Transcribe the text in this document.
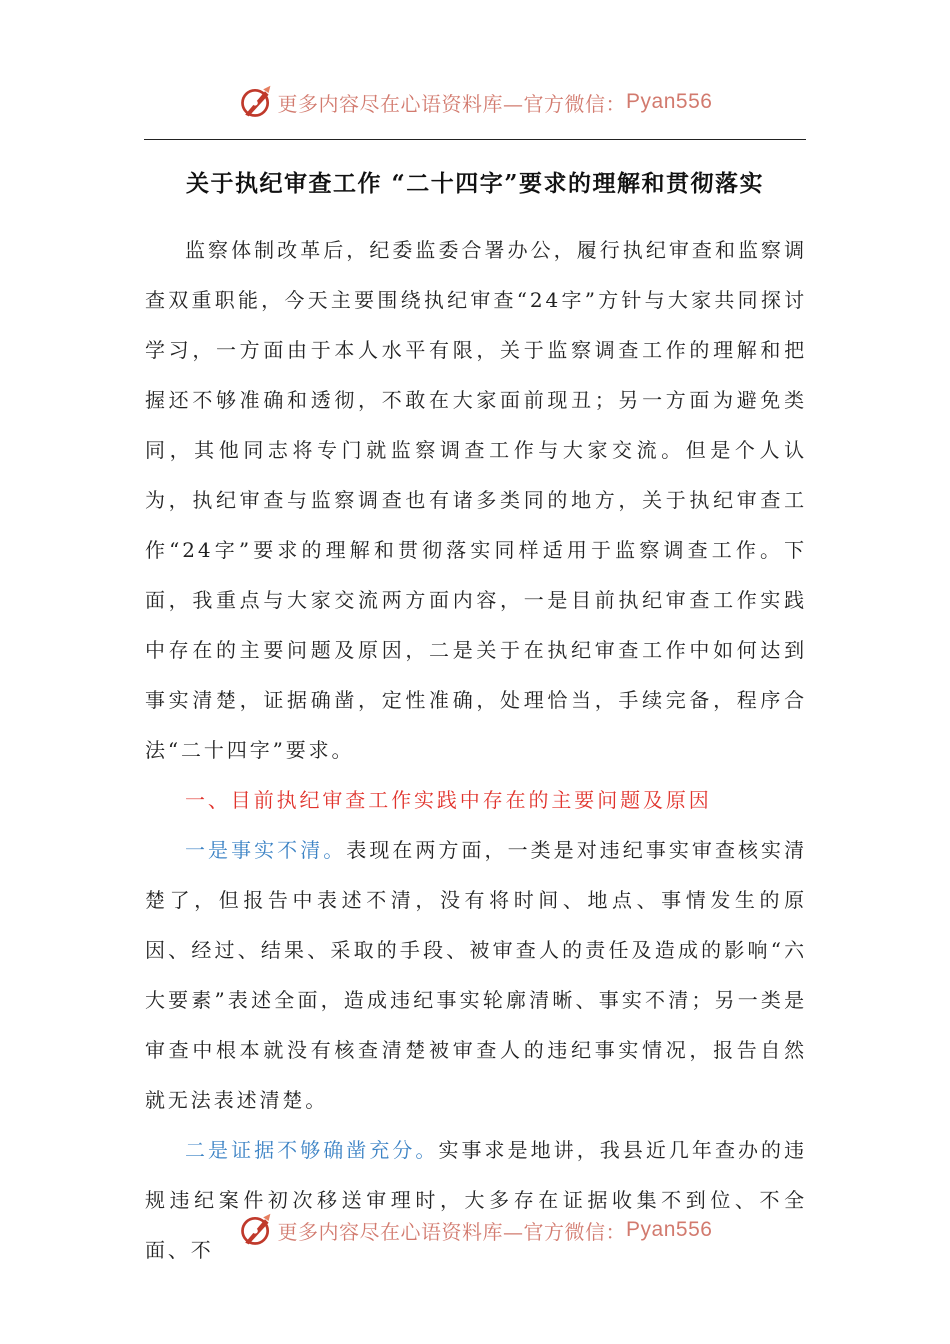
更多内容尽在心语资料库—官方微信： Pyan556
关于执纪审查工作 “二十四字”要求的理解和贯彻落实

监察体制改革后，纪委监委合署办公，履行执纪审查和监察调查双重职能，今天主要围绕执纪审查“24字”方针与大家共同探讨学习，一方面由于本人水平有限，关于监察调查工作的理解和把握还不够准确和透彻，不敢在大家面前现丑；另一方面为避免类同，其他同志将专门就监察调查工作与大家交流。但是个人认为，执纪审查与监察调查也有诸多类同的地方，关于执纪审查工作“24字”要求的理解和贯彻落实同样适用于监察调查工作。下面，我重点与大家交流两方面内容，一是目前执纪审查工作实践中存在的主要问题及原因，二是关于在执纪审查工作中如何达到事实清楚，证据确凿，定性准确，处理恰当，手续完备，程序合法“二十四字”要求。

一、目前执纪审查工作实践中存在的主要问题及原因

一是事实不清。表现在两方面，一类是对违纪事实审查核实清楚了，但报告中表述不清，没有将时间、地点、事情发生的原因、经过、结果、采取的手段、被审查人的责任及造成的影响“六大要素”表述全面，造成违纪事实轮廓清晰、事实不清；另一类是审查中根本就没有核查清楚被审查人的违纪事实情况，报告自然就无法表述清楚。

二是证据不够确凿充分。实事求是地讲，我县近几年查办的违规违纪案件初次移送审理时，大多存在证据收集不到位、不全面、不

更多内容尽在心语资料库—官方微信： Pyan556
